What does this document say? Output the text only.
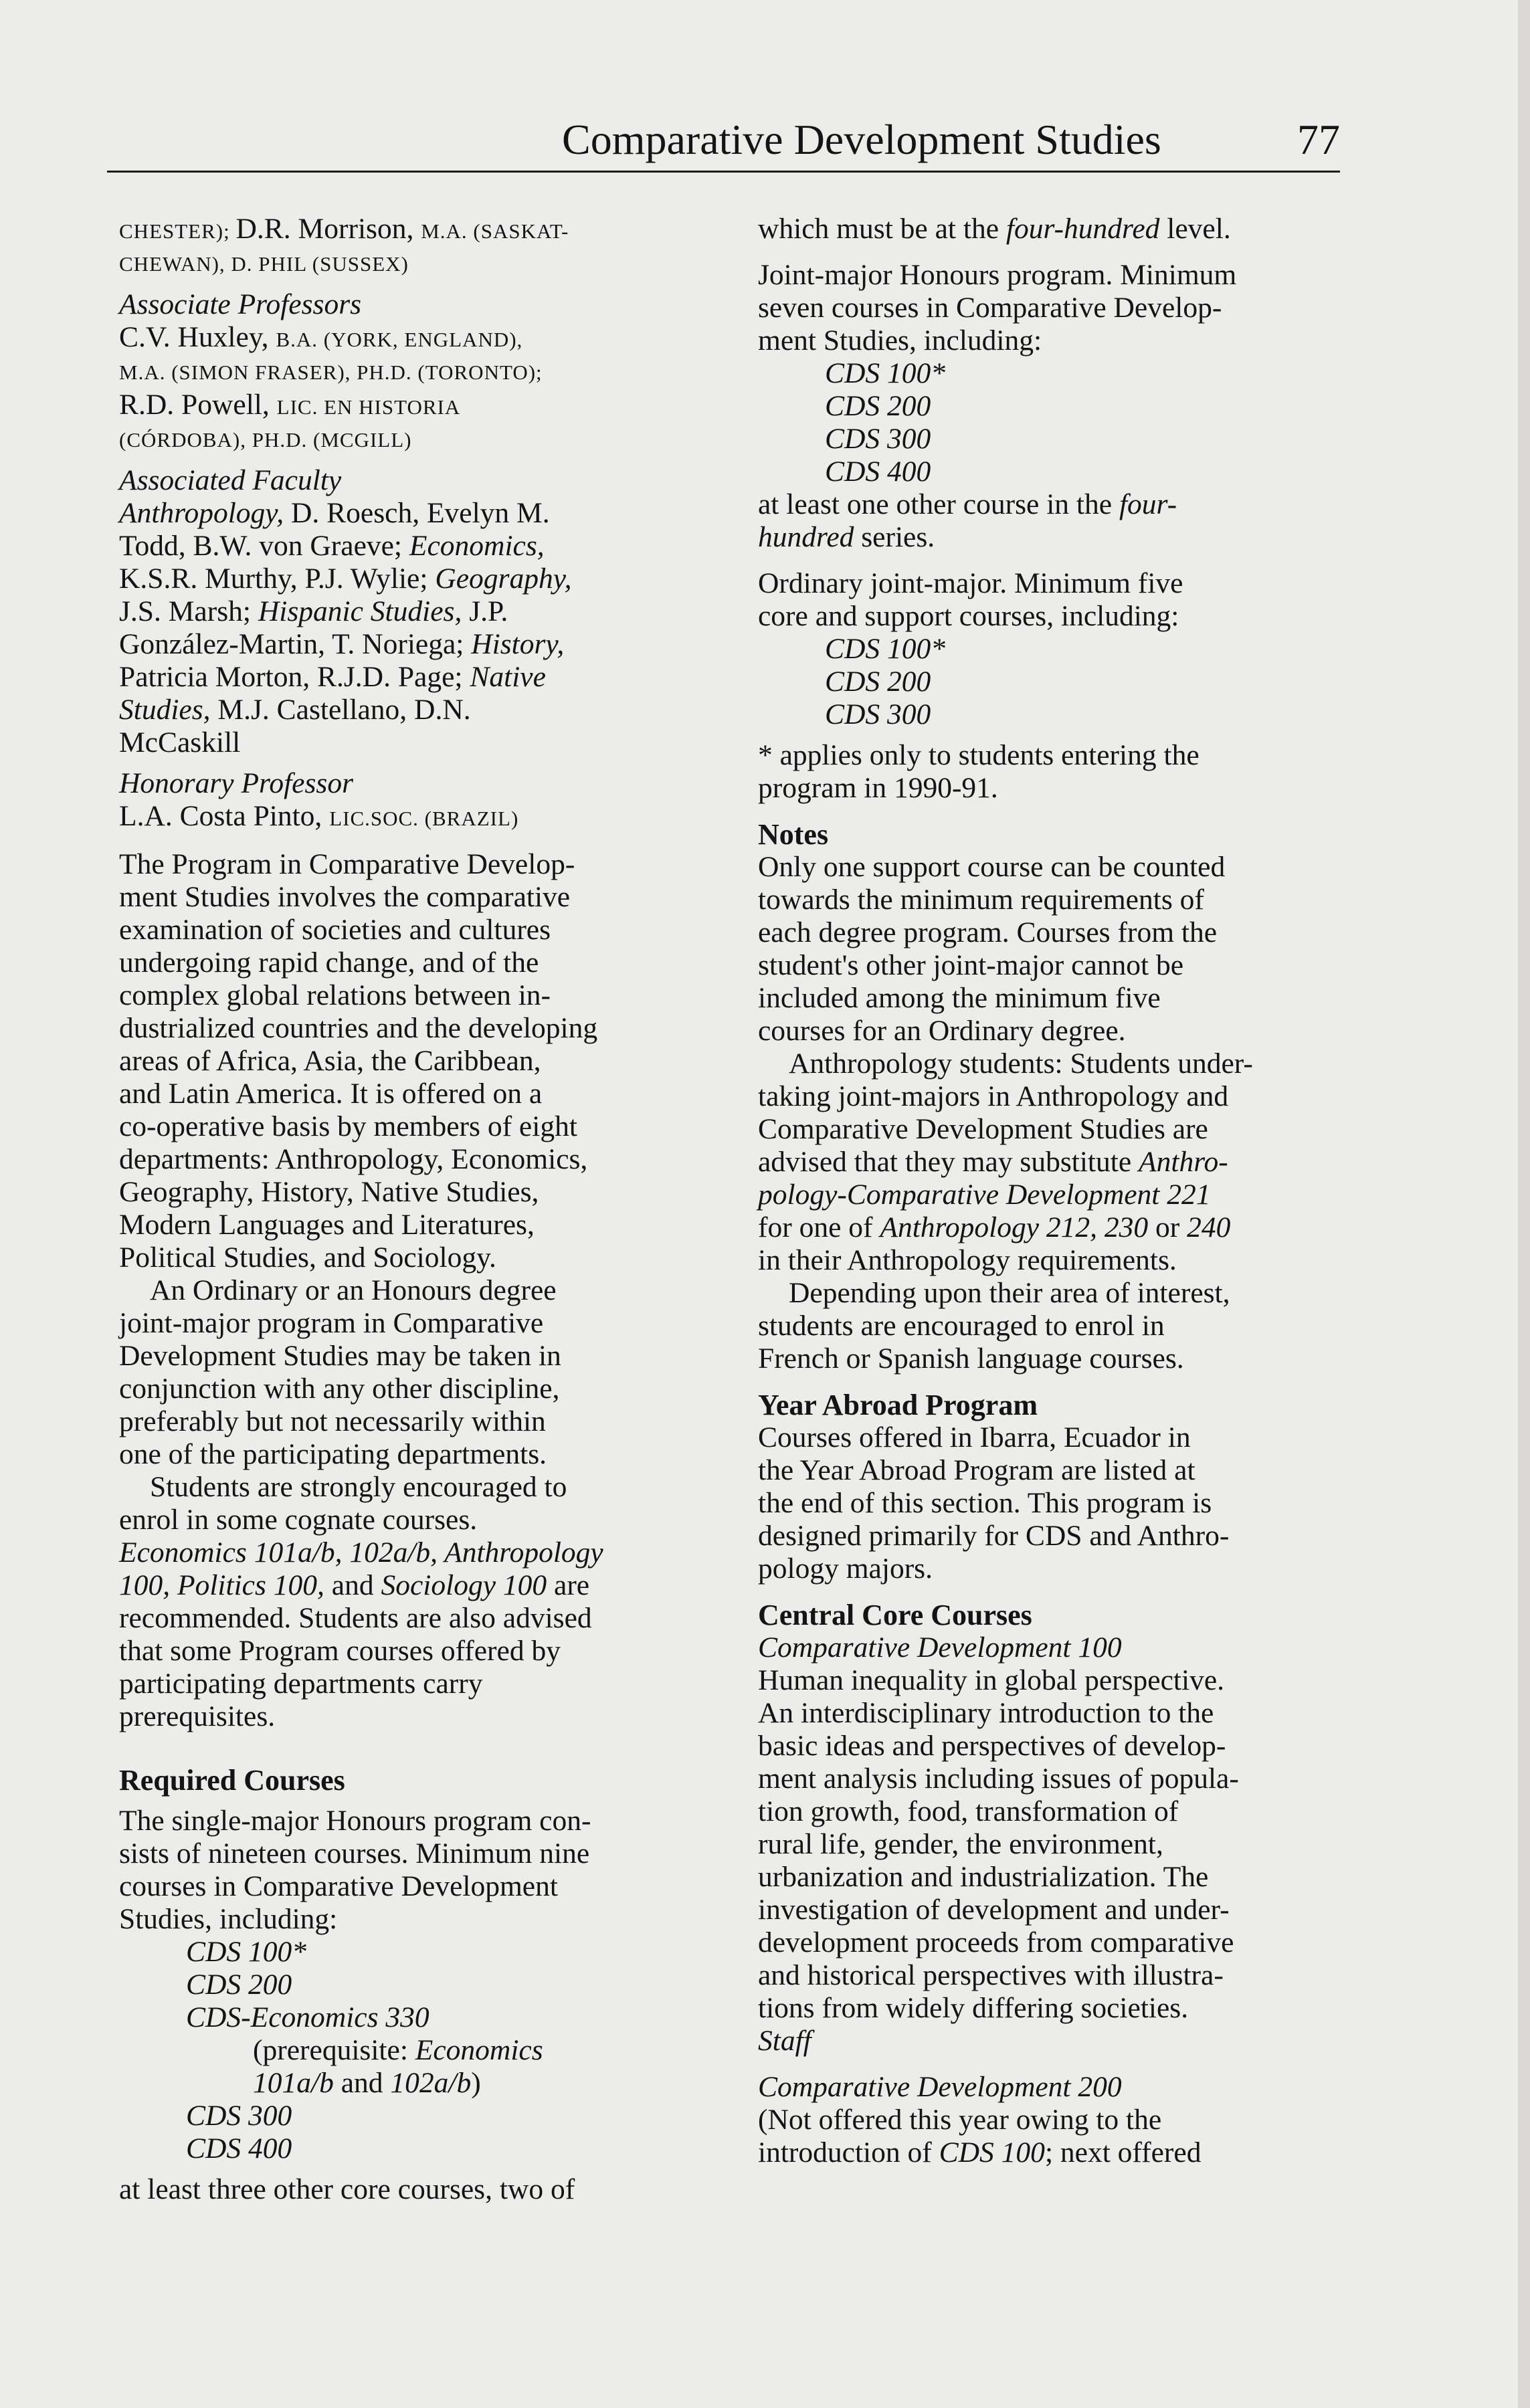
Comparative Development Studies	77
CHESTER); D.R. Morrison, M.A. (SASKAT-
CHEWAN), D. PHIL (SUSSEX)
Associate Professors
C.V. Huxley, B.A. (YORK, ENGLAND),
M.A. (SIMON FRASER), PH.D. (TORONTO);
R.D. Powell, LIC. EN HISTORIA
(CÓRDOBA), PH.D. (MCGILL)
Associated Faculty
Anthropology, D. Roesch, Evelyn M.
Todd, B.W. von Graeve; Economics,
K.S.R. Murthy, P.J. Wylie; Geography,
J.S. Marsh; Hispanic Studies, J.P.
González-Martin, T. Noriega; History,
Patricia Morton, R.J.D. Page; Native
Studies, M.J. Castellano, D.N.
McCaskill
Honorary Professor
L.A. Costa Pinto, LIC.SOC. (BRAZIL)
The Program in Comparative Develop-
ment Studies involves the comparative
examination of societies and cultures
undergoing rapid change, and of the
complex global relations between in-
dustrialized countries and the developing
areas of Africa, Asia, the Caribbean,
and Latin America. It is offered on a
co-operative basis by members of eight
departments: Anthropology, Economics,
Geography, History, Native Studies,
Modern Languages and Literatures,
Political Studies, and Sociology.
An Ordinary or an Honours degree
joint-major program in Comparative
Development Studies may be taken in
conjunction with any other discipline,
preferably but not necessarily within
one of the participating departments.
Students are strongly encouraged to
enrol in some cognate courses.
Economics 101a/b, 102a/b, Anthropology
100, Politics 100, and Sociology 100 are
recommended. Students are also advised
that some Program courses offered by
participating departments carry
prerequisites.
Required Courses
The single-major Honours program con-
sists of nineteen courses. Minimum nine
courses in Comparative Development
Studies, including:
CDS 100*
CDS 200
CDS-Economics 330
(prerequisite: Economics
101a/b and 102a/b)
CDS 300
CDS 400
at least three other core courses, two of
which must be at the four-hundred level.
Joint-major Honours program. Minimum
seven courses in Comparative Develop-
ment Studies, including:
CDS 100*
CDS 200
CDS 300
CDS 400
at least one other course in the four-
hundred series.
Ordinary joint-major. Minimum five
core and support courses, including:
CDS 100*
CDS 200
CDS 300
* applies only to students entering the
program in 1990-91.
Notes
Only one support course can be counted
towards the minimum requirements of
each degree program. Courses from the
student's other joint-major cannot be
included among the minimum five
courses for an Ordinary degree.
Anthropology students: Students under-
taking joint-majors in Anthropology and
Comparative Development Studies are
advised that they may substitute Anthro-
pology-Comparative Development 221
for one of Anthropology 212, 230 or 240
in their Anthropology requirements.
Depending upon their area of interest,
students are encouraged to enrol in
French or Spanish language courses.
Year Abroad Program
Courses offered in Ibarra, Ecuador in
the Year Abroad Program are listed at
the end of this section. This program is
designed primarily for CDS and Anthro-
pology majors.
Central Core Courses
Comparative Development 100
Human inequality in global perspective.
An interdisciplinary introduction to the
basic ideas and perspectives of develop-
ment analysis including issues of popula-
tion growth, food, transformation of
rural life, gender, the environment,
urbanization and industrialization. The
investigation of development and under-
development proceeds from comparative
and historical perspectives with illustra-
tions from widely differing societies.
Staff
Comparative Development 200
(Not offered this year owing to the
introduction of CDS 100; next offered
